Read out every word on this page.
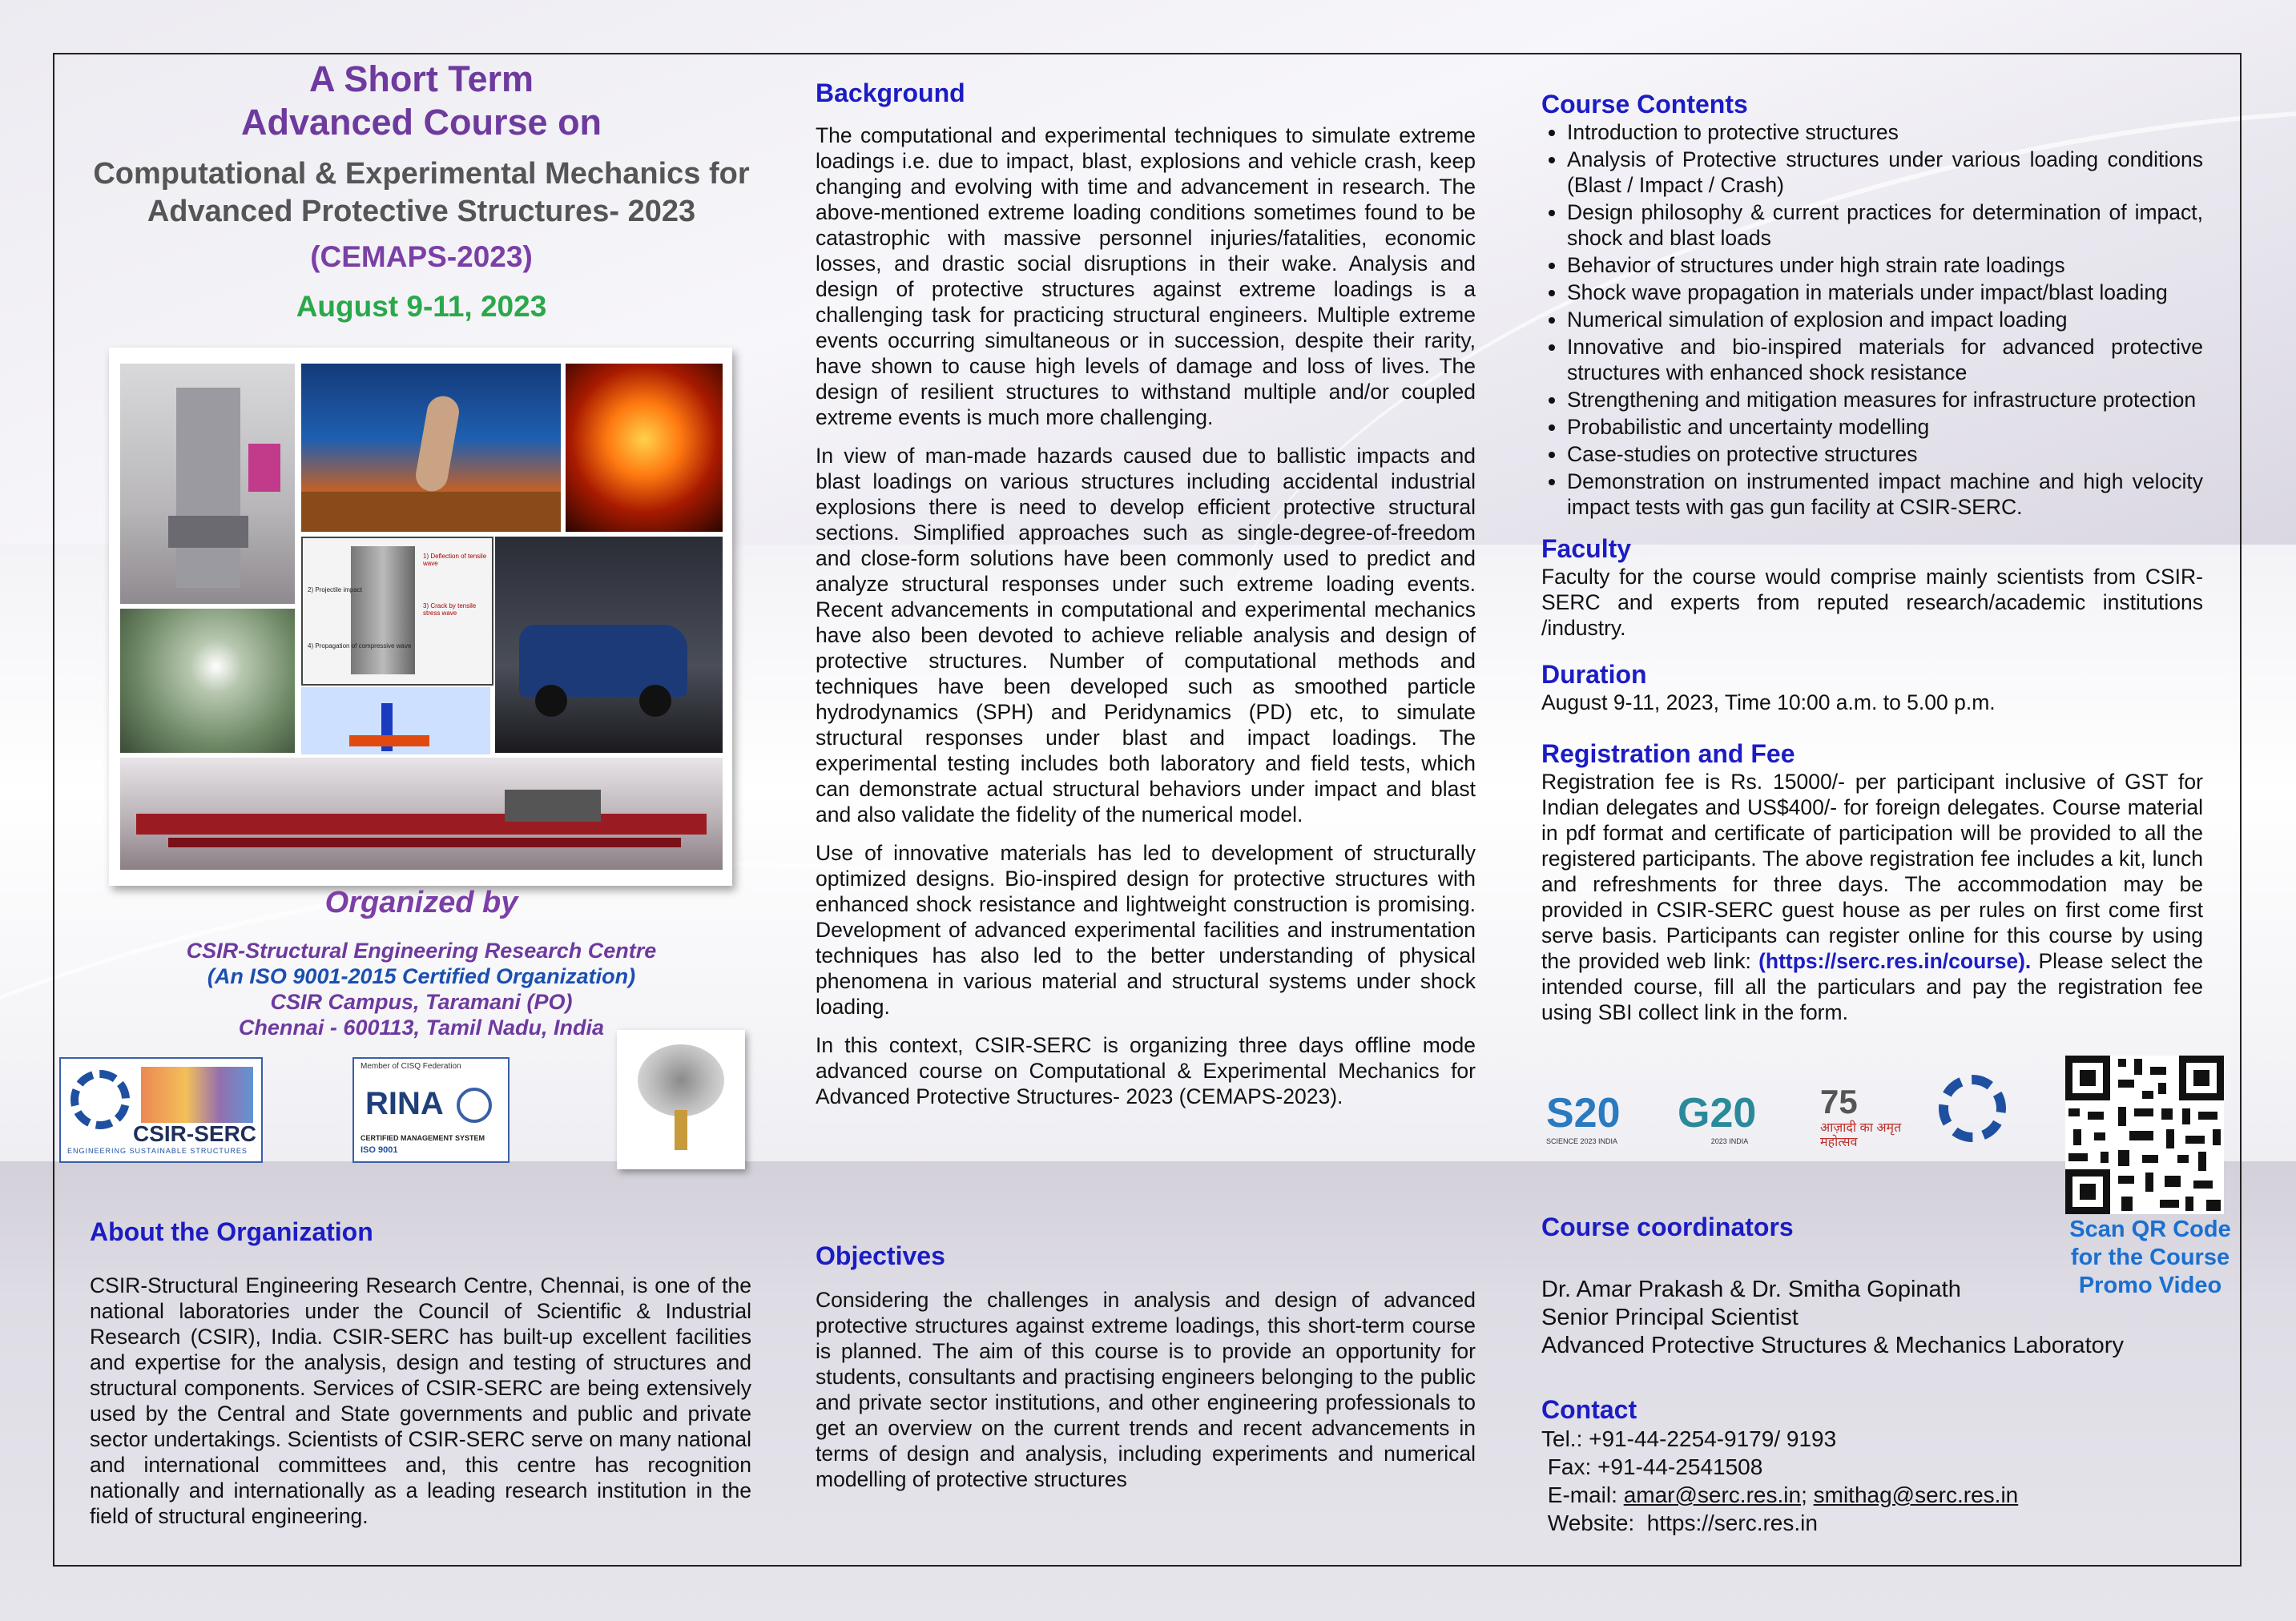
A Short Term
Advanced Course on
Computational & Experimental Mechanics for
Advanced Protective Structures- 2023
(CEMAPS-2023)
August 9-11, 2023
1) Deflection of tensile wave
2) Projectile impact
3) Crack by tensile stress wave
4) Propagation of compressive wave
Organized by
CSIR-Structural Engineering Research Centre
(An ISO 9001-2015 Certified Organization)
CSIR Campus, Taramani (PO)
Chennai - 600113, Tamil Nadu, India
CSIR-SERC
ENGINEERING SUSTAINABLE STRUCTURES
Member of CISQ Federation
RINA
CERTIFIED MANAGEMENT SYSTEM
ISO 9001
Background

The computational and experimental techniques to simulate extreme loadings i.e. due to impact, blast, explosions and vehicle crash, keep changing and evolving with time and advancement in research. The above-mentioned extreme loading conditions sometimes found to be catastrophic with massive personnel injuries/fatalities, economic losses, and drastic social disruptions in their wake. Analysis and design of protective structures against extreme loadings is a challenging task for practicing structural engineers. Multiple extreme events occurring simultaneous or in succession, despite their rarity, have shown to cause high levels of damage and loss of lives. The design of resilient structures to withstand multiple and/or coupled extreme events is much more challenging.

In view of man-made hazards caused due to ballistic impacts and blast loadings on various structures including accidental industrial explosions there is need to develop efficient protective structural sections. Simplified approaches such as single-degree-of-freedom and close-form solutions have been commonly used to predict and analyze structural responses under such extreme loading events. Recent advancements in computational and experimental mechanics have also been devoted to achieve reliable analysis and design of protective structures. Number of computational methods and techniques have been developed such as smoothed particle hydrodynamics (SPH) and Peridynamics (PD) etc, to simulate structural responses under blast and impact loadings. The experimental testing includes both laboratory and field tests, which can demonstrate actual structural behaviors under impact and blast and also validate the fidelity of the numerical model.

Use of innovative materials has led to development of structurally optimized designs. Bio-inspired design for protective structures with enhanced shock resistance and lightweight construction is promising. Development of advanced experimental facilities and instrumentation techniques has also led to the better understanding of physical phenomena in various material and structural systems under shock loading.

In this context, CSIR-SERC is organizing three days offline mode advanced course on Computational & Experimental Mechanics for Advanced Protective Structures- 2023 (CEMAPS-2023).

Objectives

Considering the challenges in analysis and design of advanced protective structures against extreme loadings, this short-term course is planned. The aim of this course is to provide an opportunity for students, consultants and practising engineers belonging to the public and private sector institutions, and other engineering professionals to get an overview on the current trends and recent advancements in terms of design and analysis, including experiments and numerical modelling of protective structures

About the Organization

CSIR-Structural Engineering Research Centre, Chennai, is one of the national laboratories under the Council of Scientific & Industrial Research (CSIR), India. CSIR-SERC has built-up excellent facilities and expertise for the analysis, design and testing of structures and structural components. Services of CSIR-SERC are being extensively used by the Central and State governments and public and private sector undertakings. Scientists of CSIR-SERC serve on many national and international committees and, this centre has recognition nationally and internationally as a leading research institution in the field of structural engineering.

Course Contents
• Introduction to protective structures
• Analysis of Protective structures under various loading conditions (Blast / Impact / Crash)
• Design philosophy & current practices for determination of impact, shock and blast loads
• Behavior of structures under high strain rate loadings
• Shock wave propagation in materials under impact/blast loading
• Numerical simulation of explosion and impact loading
• Innovative and bio-inspired materials for advanced protective structures with enhanced shock resistance
• Strengthening and mitigation measures for infrastructure protection
• Probabilistic and uncertainty modelling
• Case-studies on protective structures
• Demonstration on instrumented impact machine and high velocity impact tests with gas gun facility at CSIR-SERC.
Faculty

Faculty for the course would comprise mainly scientists from CSIR-SERC and experts from reputed research/academic institutions /industry.

Duration

August 9-11, 2023, Time 10:00 a.m. to 5.00 p.m.

Registration and Fee

Registration fee is Rs. 15000/- per participant inclusive of GST for Indian delegates and US$400/- for foreign delegates. Course material in pdf format and certificate of participation will be provided to all the registered participants. The above registration fee includes a kit, lunch and refreshments for three days. The accommodation may be provided in CSIR-SERC guest house as per rules on first come first serve basis. Participants can register online for this course by using the provided web link: (https://serc.res.in/course). Please select the intended course, fill all the particulars and pay the registration fee using SBI collect link in the form.

S20
SCIENCE 2023 INDIA
G20
2023 INDIA
75
आज़ादी का अमृत महोत्सव
Scan QR Code for the Course Promo Video
Course coordinators
Dr. Amar Prakash & Dr. Smitha Gopinath
Senior Principal Scientist
Advanced Protective Structures & Mechanics Laboratory
Contact
Tel.: +91-44-2254-9179/ 9193
Fax: +91-44-2541508
E-mail: amar@serc.res.in; smithag@serc.res.in
Website:  https://serc.res.in
